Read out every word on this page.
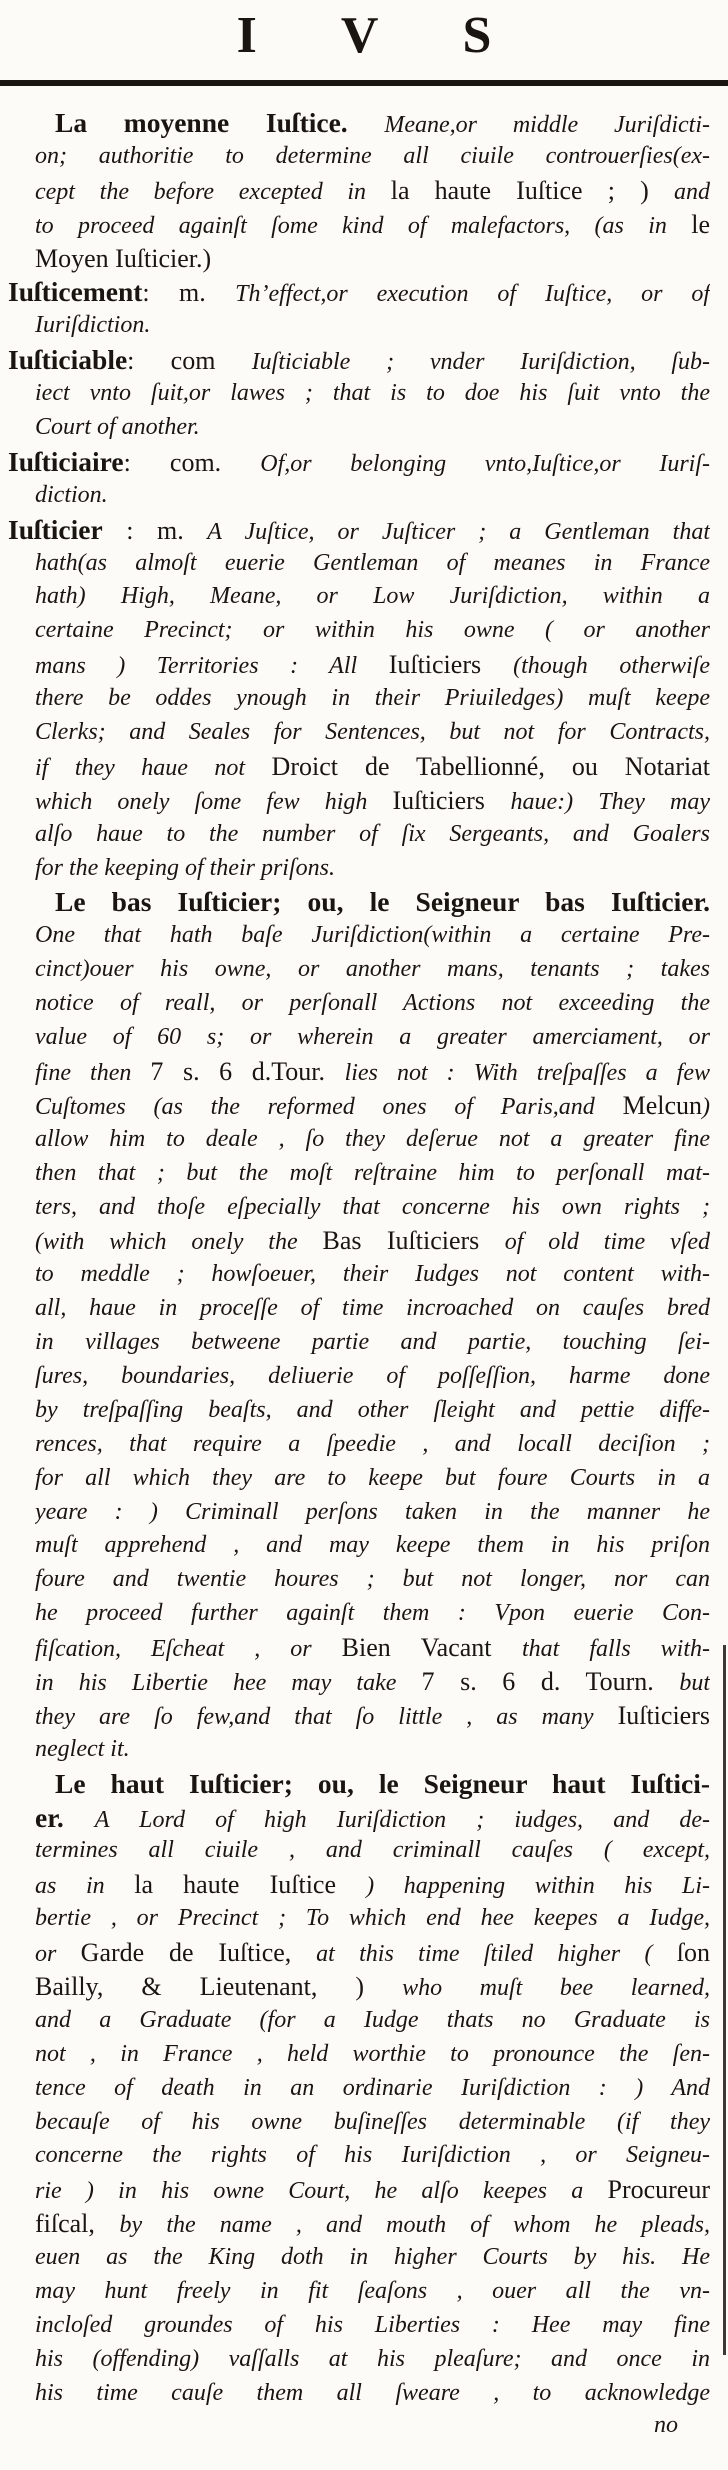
I V S
La moyenne Iuſtice. Meane,or middle Juriſdicti-
on; authoritie to determine all ciuile controuerſies(ex-
cept the before excepted in la haute Iuſtice ; ) and
to proceed againſt ſome kind of malefactors, (as in le
Moyen Iuſticier.)
Iuſticement: m. Th’effect,or execution of Iuſtice, or of
Iuriſdiction.
Iuſticiable: com Iuſticiable ; vnder Iuriſdiction, ſub-
iect vnto ſuit,or lawes ; that is to doe his ſuit vnto the
Court of another.
Iuſticiaire: com. Of,or belonging vnto,Iuſtice,or Iuriſ-
diction.
Iuſticier : m. A Juſtice, or Juſticer ; a Gentleman that
hath(as almoſt euerie Gentleman of meanes in France
hath) High, Meane, or Low Juriſdiction, within a
certaine Precinct; or within his owne ( or another
mans ) Territories : All Iuſticiers (though otherwiſe
there be oddes ynough in their Priuiledges) muſt keepe
Clerks; and Seales for Sentences, but not for Contracts,
if they haue not Droict de Tabellionné, ou Notariat
which onely ſome few high Iuſticiers haue:) They may
alſo haue to the number of ſix Sergeants, and Goalers
for the keeping of their priſons.
Le bas Iuſticier; ou, le Seigneur bas Iuſticier.
One that hath baſe Juriſdiction(within a certaine Pre-
cinct)ouer his owne, or another mans, tenants ; takes
notice of reall, or perſonall Actions not exceeding the
value of 60 s; or wherein a greater amerciament, or
fine then 7 s. 6 d.Tour. lies not : With treſpaſſes a few
Cuſtomes (as the reformed ones of Paris,and Melcun)
allow him to deale , ſo they deſerue not a greater fine
then that ; but the moſt reſtraine him to perſonall mat-
ters, and thoſe eſpecially that concerne his own rights ;
(with which onely the Bas Iuſticiers of old time vſed
to meddle ; howſoeuer, their Iudges not content with-
all, haue in proceſſe of time incroached on cauſes bred
in villages betweene partie and partie, touching ſei-
ſures, boundaries, deliuerie of poſſeſſion, harme done
by treſpaſſing beaſts, and other ſleight and pettie diffe-
rences, that require a ſpeedie , and locall deciſion ;
for all which they are to keepe but foure Courts in a
yeare : ) Criminall perſons taken in the manner he
muſt apprehend , and may keepe them in his priſon
foure and twentie houres ; but not longer, nor can
he proceed further againſt them : Vpon euerie Con-
fiſcation, Eſcheat , or Bien Vacant that falls with-
in his Libertie hee may take 7 s. 6 d. Tourn. but
they are ſo few,and that ſo little , as many Iuſticiers
neglect it.
Le haut Iuſticier; ou, le Seigneur haut Iuſtici-
er. A Lord of high Iuriſdiction ; iudges, and de-
termines all ciuile , and criminall cauſes ( except,
as in la haute Iuſtice ) happening within his Li-
bertie , or Precinct ; To which end hee keepes a Iudge,
or Garde de Iuſtice, at this time ſtiled higher ( ſon
Bailly, & Lieutenant, ) who muſt bee learned,
and a Graduate (for a Iudge thats no Graduate is
not , in France , held worthie to pronounce the ſen-
tence of death in an ordinarie Iuriſdiction : ) And
becauſe of his owne buſineſſes determinable (if they
concerne the rights of his Iuriſdiction , or Seigneu-
rie ) in his owne Court, he alſo keepes a Procureur
fiſcal, by the name , and mouth of whom he pleads,
euen as the King doth in higher Courts by his. He
may hunt freely in fit ſeaſons , ouer all the vn-
incloſed groundes of his Liberties : Hee may fine
his (offending) vaſſalls at his pleaſure; and once in
his time cauſe them all ſweare , to acknowledge
no
